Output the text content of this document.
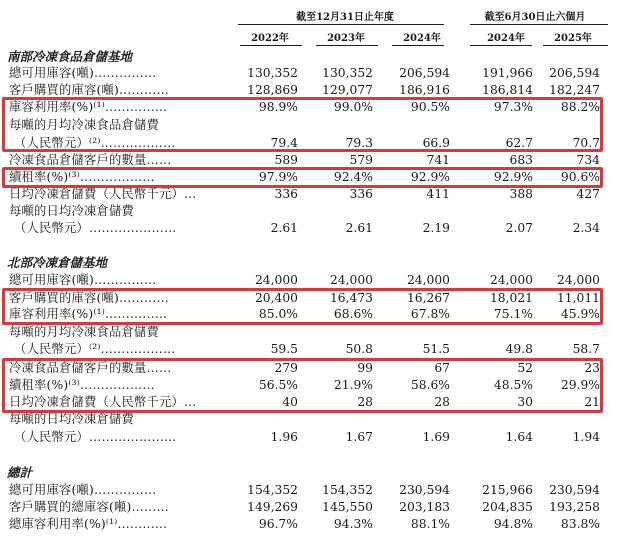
截至12月31日止年度	截至6月30日止六個月
2022年	2023年	2024年	2024年	2025年
南部冷凍食品倉儲基地
總可用庫容(噸)……………	130,352	130,352	206,594	191,966	206,594
客戶購買的庫容(噸)…………	128,869	129,077	186,916	186,814	182,247
庫容利用率(%)⁽¹⁾……………	98.9%	99.0%	90.5%	97.3%	88.2%
每噸的月均冷凍食品倉儲費
（人民幣元）⁽²⁾………………	79.4	79.3	66.9	62.7	70.7
冷凍食品倉儲客戶的數量……	589	579	741	683	734
續租率(%)⁽³⁾………………	97.9%	92.4%	92.9%	92.9%	90.6%
日均冷凍倉儲費（人民幣千元）…	336	336	411	388	427
每噸的日均冷凍倉儲費
（人民幣元）…………………	2.61	2.61	2.19	2.07	2.34
北部冷凍倉儲基地
總可用庫容(噸)……………	24,000	24,000	24,000	24,000	24,000
客戶購買的庫容(噸)…………	20,400	16,473	16,267	18,021	11,011
庫容利用率(%)⁽¹⁾……………	85.0%	68.6%	67.8%	75.1%	45.9%
每噸的月均冷凍食品倉儲費
（人民幣元）⁽²⁾………………	59.5	50.8	51.5	49.8	58.7
冷凍食品倉儲客戶的數量……	279	99	67	52	23
續租率(%)⁽³⁾………………	56.5%	21.9%	58.6%	48.5%	29.9%
日均冷凍倉儲費（人民幣千元）…	40	28	28	30	21
每噸的日均冷凍倉儲費
（人民幣元）…………………	1.96	1.67	1.69	1.64	1.94
總計
總可用庫容(噸)……………	154,352	154,352	230,594	215,966	230,594
客戶購買的總庫容(噸)………	149,269	145,550	203,183	204,835	193,258
總庫容利用率(%)⁽¹⁾…………	96.7%	94.3%	88.1%	94.8%	83.8%
